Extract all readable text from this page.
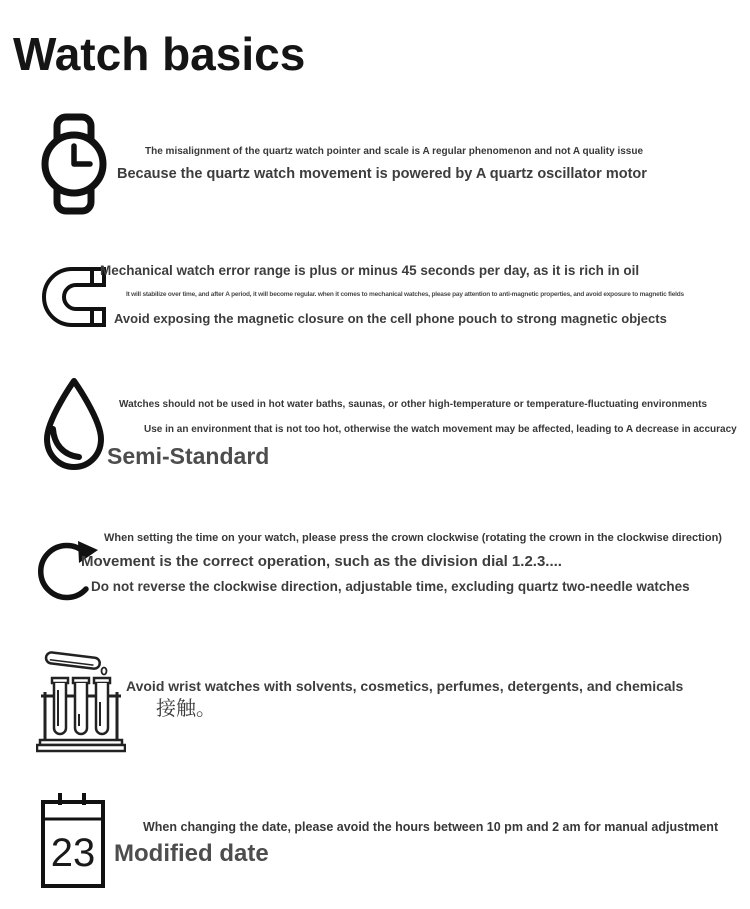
Watch basics
The misalignment of the quartz watch pointer and scale is A regular phenomenon and not A quality issue
Because the quartz watch movement is powered by A quartz oscillator motor
Mechanical watch error range is plus or minus 45 seconds per day, as it is rich in oil
It will stabilize over time, and after A period, it will become regular. when it comes to mechanical watches, please pay attention to anti-magnetic properties, and avoid exposure to magnetic fields
Avoid exposing the magnetic closure on the cell phone pouch to strong magnetic objects
Watches should not be used in hot water baths, saunas, or other high-temperature or temperature-fluctuating environments
Use in an environment that is not too hot, otherwise the watch movement may be affected, leading to A decrease in accuracy
Semi-Standard
When setting the time on your watch, please press the crown clockwise (rotating the crown in the clockwise direction)
Movement is the correct operation, such as the division dial 1.2.3....
Do not reverse the clockwise direction, adjustable time, excluding quartz two-needle watches
Avoid wrist watches with solvents, cosmetics, perfumes, detergents, and chemicals
接触。
23
When changing the date, please avoid the hours between 10 pm and 2 am for manual adjustment
Modified date
